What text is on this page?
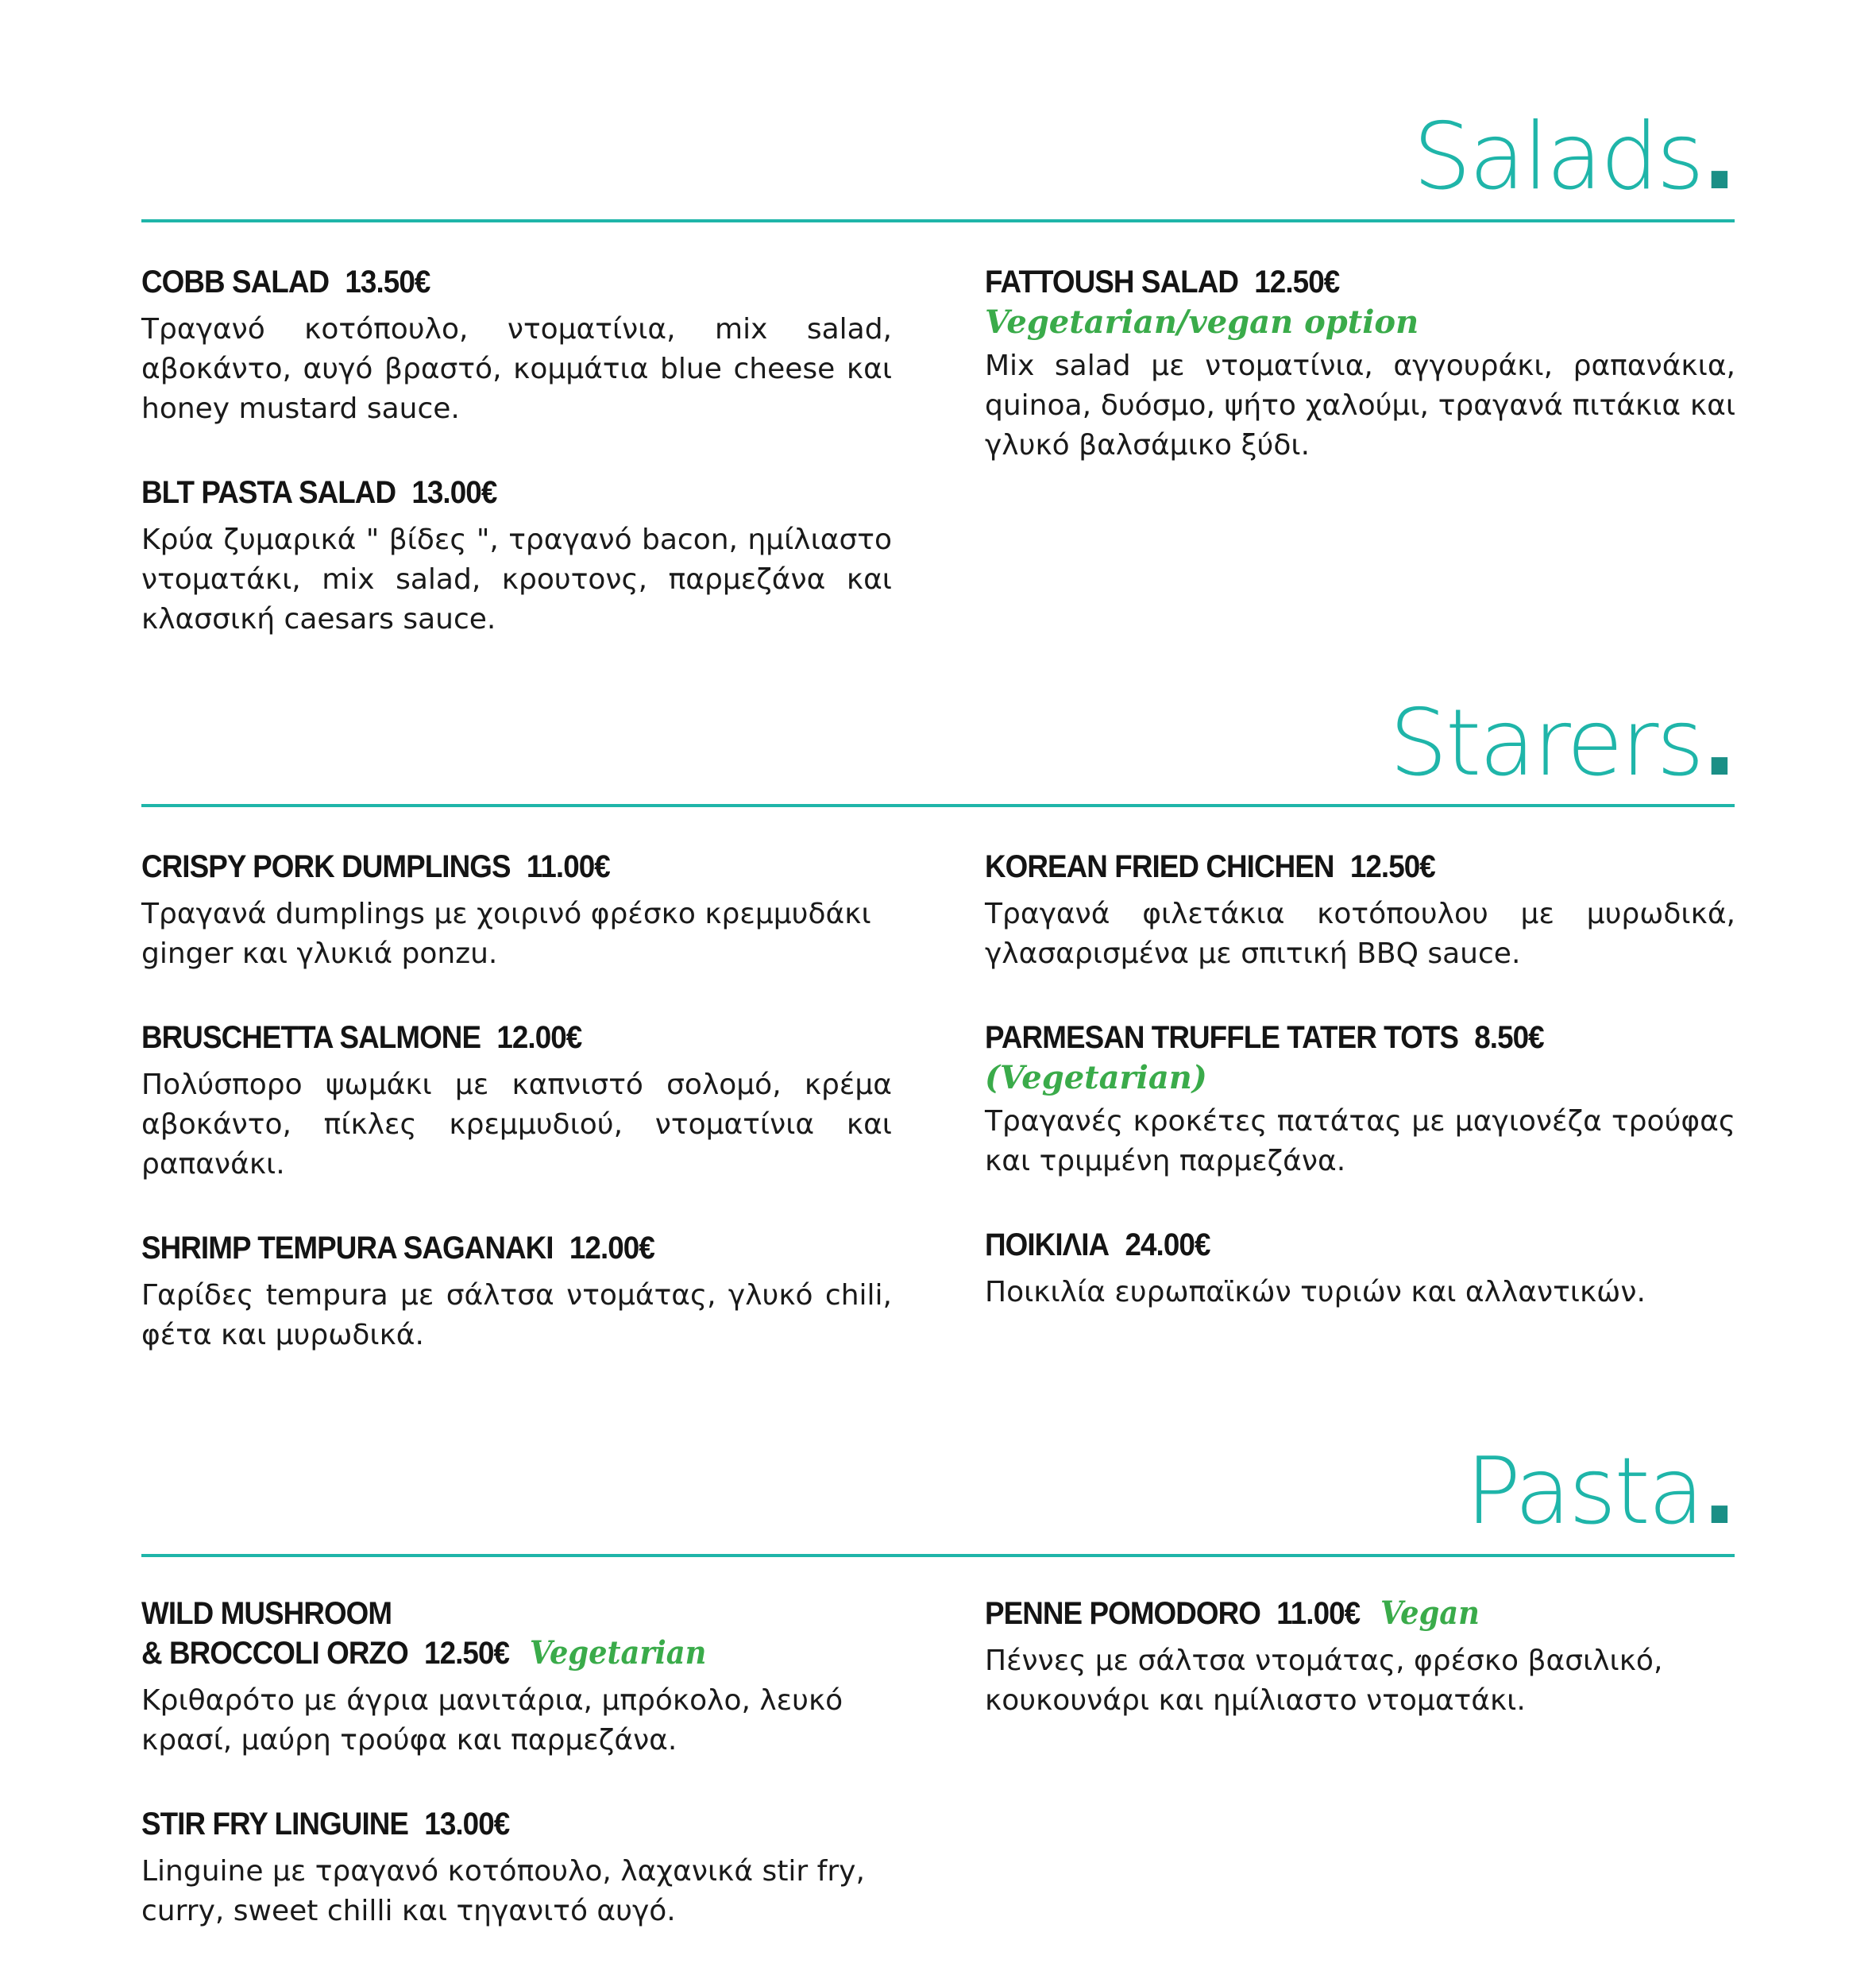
Salads.
COBB SALAD 13.50€
Τραγανό κοτόπουλο, ντοματίνια, mix salad, αβοκάντο, αυγό βραστό, κομμάτια blue cheese και honey mustard sauce.
BLT PASTA SALAD 13.00€
Κρύα ζυμαρικά " βίδες ", τραγανό bacon, ημίλιαστο ντοματάκι, mix salad, κρουτονς, παρμεζάνα και κλασσική caesars sauce.
FATTOUSH SALAD 12.50€
Vegetarian/vegan option
Mix salad με ντοματίνια, αγγουράκι, ραπανάκια, quinoa, δυόσμο, ψήτο χαλούμι, τραγανά πιτάκια και γλυκό βαλσάμικο ξύδι.
Starers.
CRISPY PORK DUMPLINGS 11.00€
Τραγανά dumplings με χοιρινό φρέσκο κρεμμυδάκι ginger και γλυκιά ponzu.
BRUSCHETTA SALMONE 12.00€
Πολύσπορο ψωμάκι με καπνιστό σολομό, κρέμα αβοκάντο, πίκλες κρεμμυδιού, ντοματίνια και ραπανάκι.
SHRIMP TEMPURA SAGANAKI 12.00€
Γαρίδες tempura με σάλτσα ντομάτας, γλυκό chili, φέτα και μυρωδικά.
KOREAN FRIED CHICHEN 12.50€
Τραγανά φιλετάκια κοτόπουλου με μυρωδικά, γλασαρισμένα με σπιτική BBQ sauce.
PARMESAN TRUFFLE TATER TOTS 8.50€
(Vegetarian)
Τραγανές κροκέτες πατάτας με μαγιονέζα τρούφας και τριμμένη παρμεζάνα.
ΠΟΙΚΙΛΙΑ 24.00€
Ποικιλία ευρωπαϊκών τυριών και αλλαντικών.
Pasta.
WILD MUSHROOM
& BROCCOLI ORZO 12.50€ Vegetarian
Κριθαρότο με άγρια μανιτάρια, μπρόκολο, λευκό κρασί, μαύρη τρούφα και παρμεζάνα.
STIR FRY LINGUINE 13.00€
Linguine με τραγανό κοτόπουλο, λαχανικά stir fry, curry, sweet chilli και τηγανιτό αυγό.
PENNE POMODORO 11.00€ Vegan
Πέννες με σάλτσα ντομάτας, φρέσκο βασιλικό, κουκουνάρι και ημίλιαστο ντοματάκι.
